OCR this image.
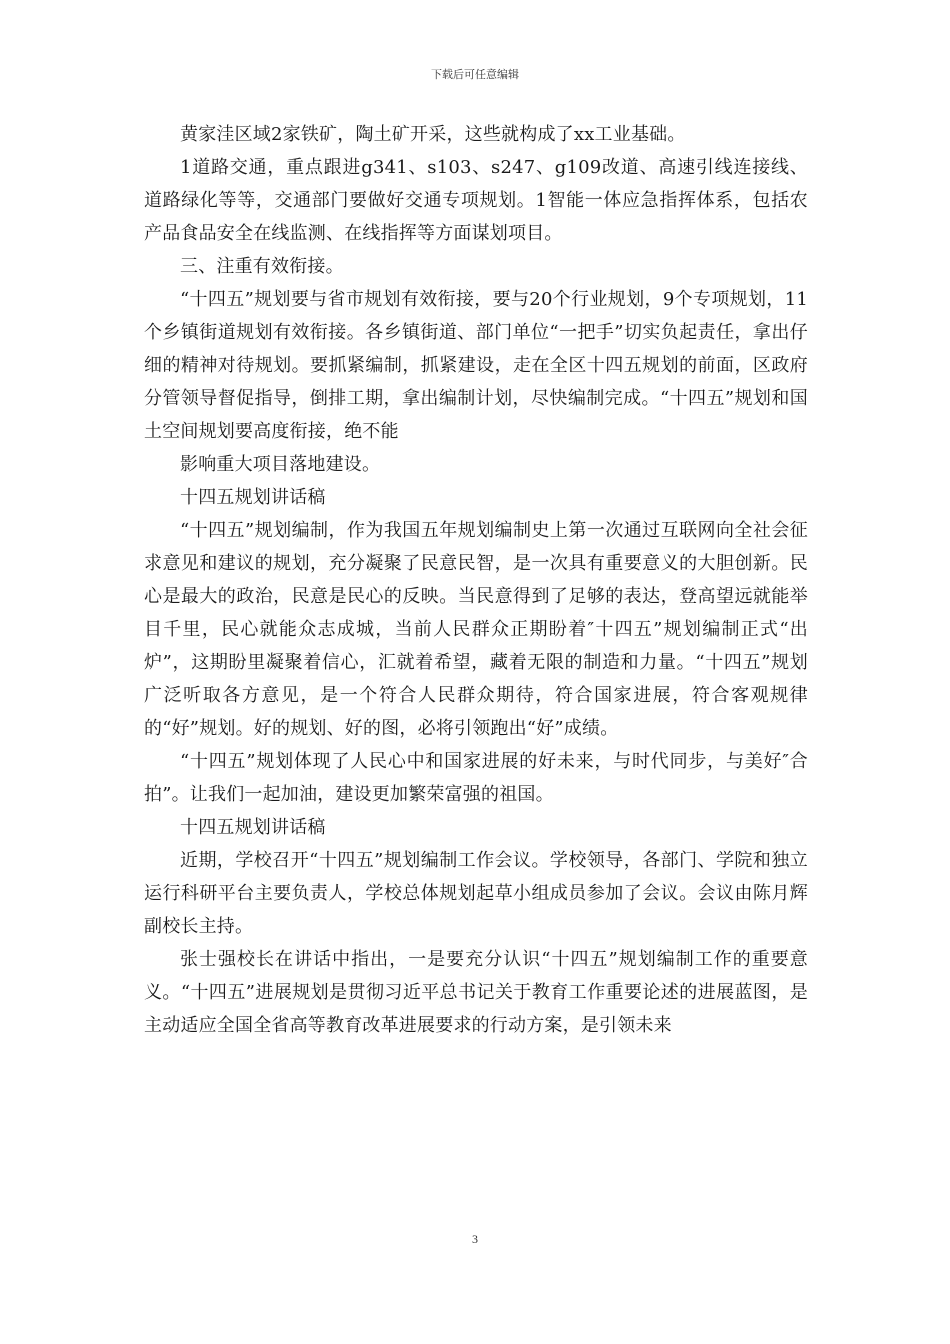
下载后可任意编辑

黄家洼区域2家铁矿，陶土矿开采，这些就构成了xx工业基础。

1道路交通，重点跟进g341、s103、s247、g109改道、高速引线连接线、道路绿化等等，交通部门要做好交通专项规划。1智能一体应急指挥体系，包括农产品食品安全在线监测、在线指挥等方面谋划项目。

三、注重有效衔接。

“十四五”规划要与省市规划有效衔接，要与20个行业规划，9个专项规划，11个乡镇街道规划有效衔接。各乡镇街道、部门单位“一把手”切实负起责任，拿出仔细的精神对待规划。要抓紧编制，抓紧建设，走在全区十四五规划的前面，区政府分管领导督促指导，倒排工期，拿出编制计划，尽快编制完成。“十四五”规划和国土空间规划要高度衔接，绝不能

影响重大项目落地建设。

十四五规划讲话稿

“十四五”规划编制，作为我国五年规划编制史上第一次通过互联网向全社会征求意见和建议的规划，充分凝聚了民意民智，是一次具有重要意义的大胆创新。民心是最大的政治，民意是民心的反映。当民意得到了足够的表达，登高望远就能举目千里，民心就能众志成城，当前人民群众正期盼着″十四五”规划编制正式“出炉”，这期盼里凝聚着信心，汇就着希望，藏着无限的制造和力量。“十四五”规划广泛听取各方意见，是一个符合人民群众期待，符合国家进展，符合客观规律的“好”规划。好的规划、好的图，必将引领跑出“好”成绩。

“十四五”规划体现了人民心中和国家进展的好未来，与时代同步，与美好″合拍”。让我们一起加油，建设更加繁荣富强的祖国。

十四五规划讲话稿

近期，学校召开“十四五”规划编制工作会议。学校领导，各部门、学院和独立运行科研平台主要负责人，学校总体规划起草小组成员参加了会议。会议由陈月辉副校长主持。

张士强校长在讲话中指出，一是要充分认识“十四五”规划编制工作的重要意义。“十四五”进展规划是贯彻习近平总书记关于教育工作重要论述的进展蓝图，是主动适应全国全省高等教育改革进展要求的行动方案，是引领未来

3
